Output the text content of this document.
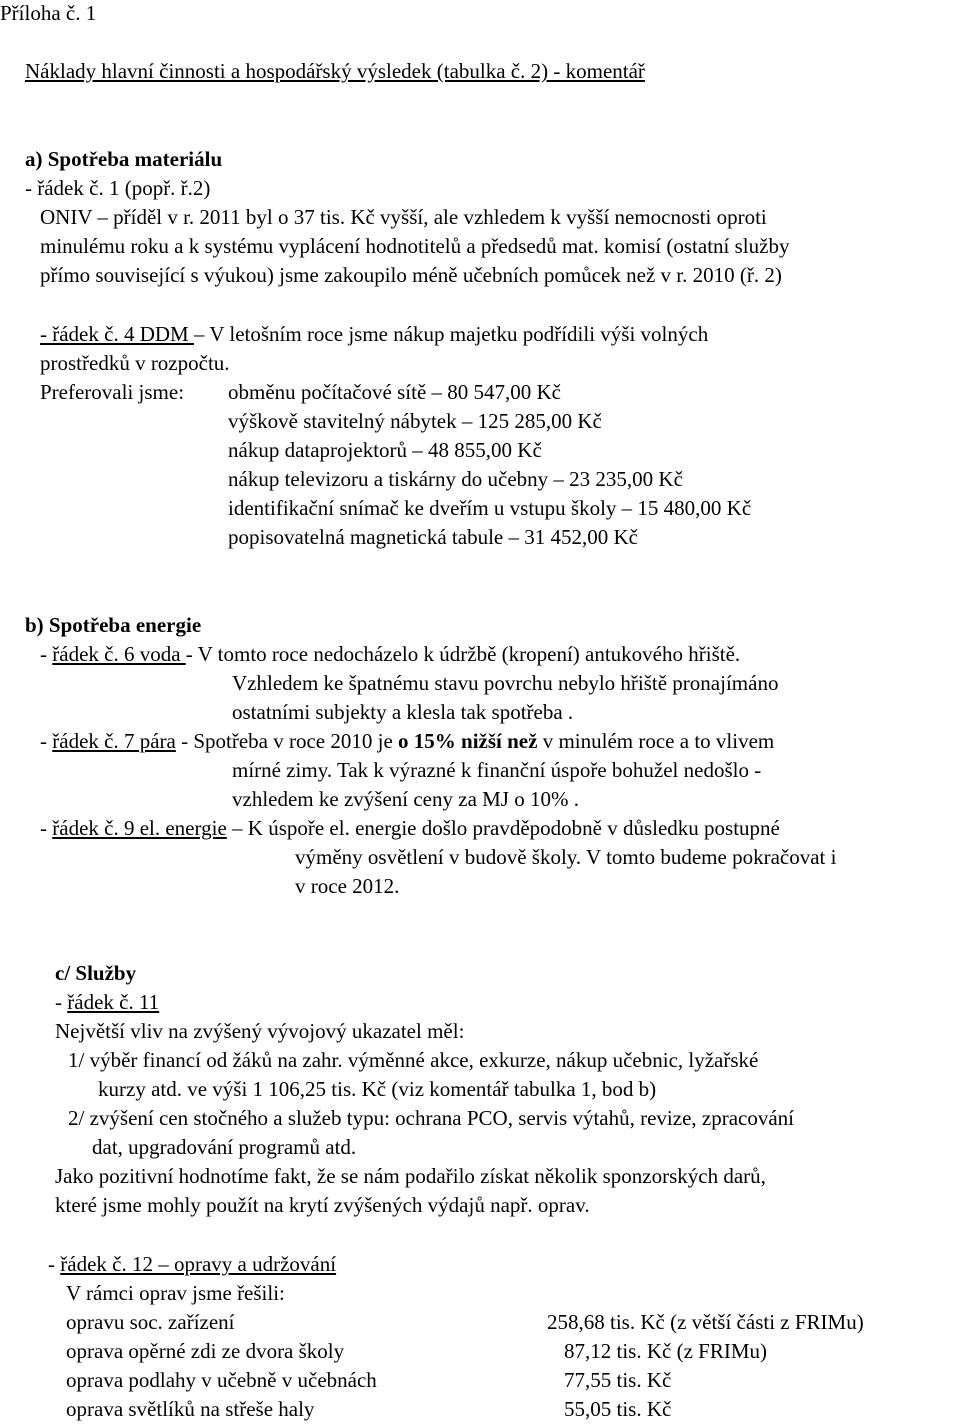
Příloha č. 1
Náklady hlavní činnosti a hospodářský výsledek (tabulka č. 2) - komentář
a) Spotřeba materiálu
- řádek č. 1 (popř. ř.2)
ONIV – příděl v r. 2011 byl o 37 tis. Kč vyšší, ale vzhledem k vyšší nemocnosti oproti
minulému roku a k systému vyplácení hodnotitelů a předsedů mat. komisí (ostatní služby
přímo související s výukou) jsme zakoupilo méně učebních pomůcek než v r. 2010 (ř. 2)
- řádek č. 4 DDM – V letošním roce jsme nákup majetku podřídili výši volných
prostředků v rozpočtu.
Preferovali jsme: obměnu počítačové sítě – 80 547,00 Kč
výškově stavitelný nábytek – 125 285,00 Kč
nákup dataprojektorů – 48 855,00 Kč
nákup televizoru a tiskárny do učebny – 23 235,00 Kč
identifikační snímač ke dveřím u vstupu školy – 15 480,00 Kč
popisovatelná magnetická tabule – 31 452,00 Kč
b) Spotřeba energie
- řádek č. 6 voda - V tomto roce nedocházelo k údržbě (kropení) antukového hřiště.
Vzhledem ke špatnému stavu povrchu nebylo hřiště pronajímáno
ostatními subjekty a klesla tak spotřeba .
- řádek č. 7 pára - Spotřeba v roce 2010 je o 15% nižší než v minulém roce a to vlivem
mírné zimy. Tak k výrazné k finanční úspoře bohužel nedošlo -
vzhledem ke zvýšení ceny za MJ o 10% .
- řádek č. 9 el. energie – K úspoře el. energie došlo pravděpodobně v důsledku postupné
výměny osvětlení v budově školy. V tomto budeme pokračovat i
v roce 2012.
c/ Služby
- řádek č. 11
Největší vliv na zvýšený vývojový ukazatel měl:
1/ výběr financí od žáků na zahr. výměnné akce, exkurze, nákup učebnic, lyžařské
kurzy atd. ve výši 1 106,25 tis. Kč (viz komentář tabulka 1, bod b)
2/ zvýšení cen stočného a služeb typu: ochrana PCO, servis výtahů, revize, zpracování
dat, upgradování programů atd.
Jako pozitivní hodnotíme fakt, že se nám podařilo získat několik sponzorských darů,
které jsme mohly použít na krytí zvýšených výdajů např. oprav.
- řádek č. 12 – opravy a udržování
V rámci oprav jsme řešili:
opravu soc. zařízení	258,68 tis. Kč (z větší části z FRIMu)
oprava opěrné zdi ze dvora školy	87,12 tis. Kč (z FRIMu)
oprava podlahy v učebně v učebnách	77,55 tis. Kč
oprava světlíků na střeše haly	55,05 tis. Kč
